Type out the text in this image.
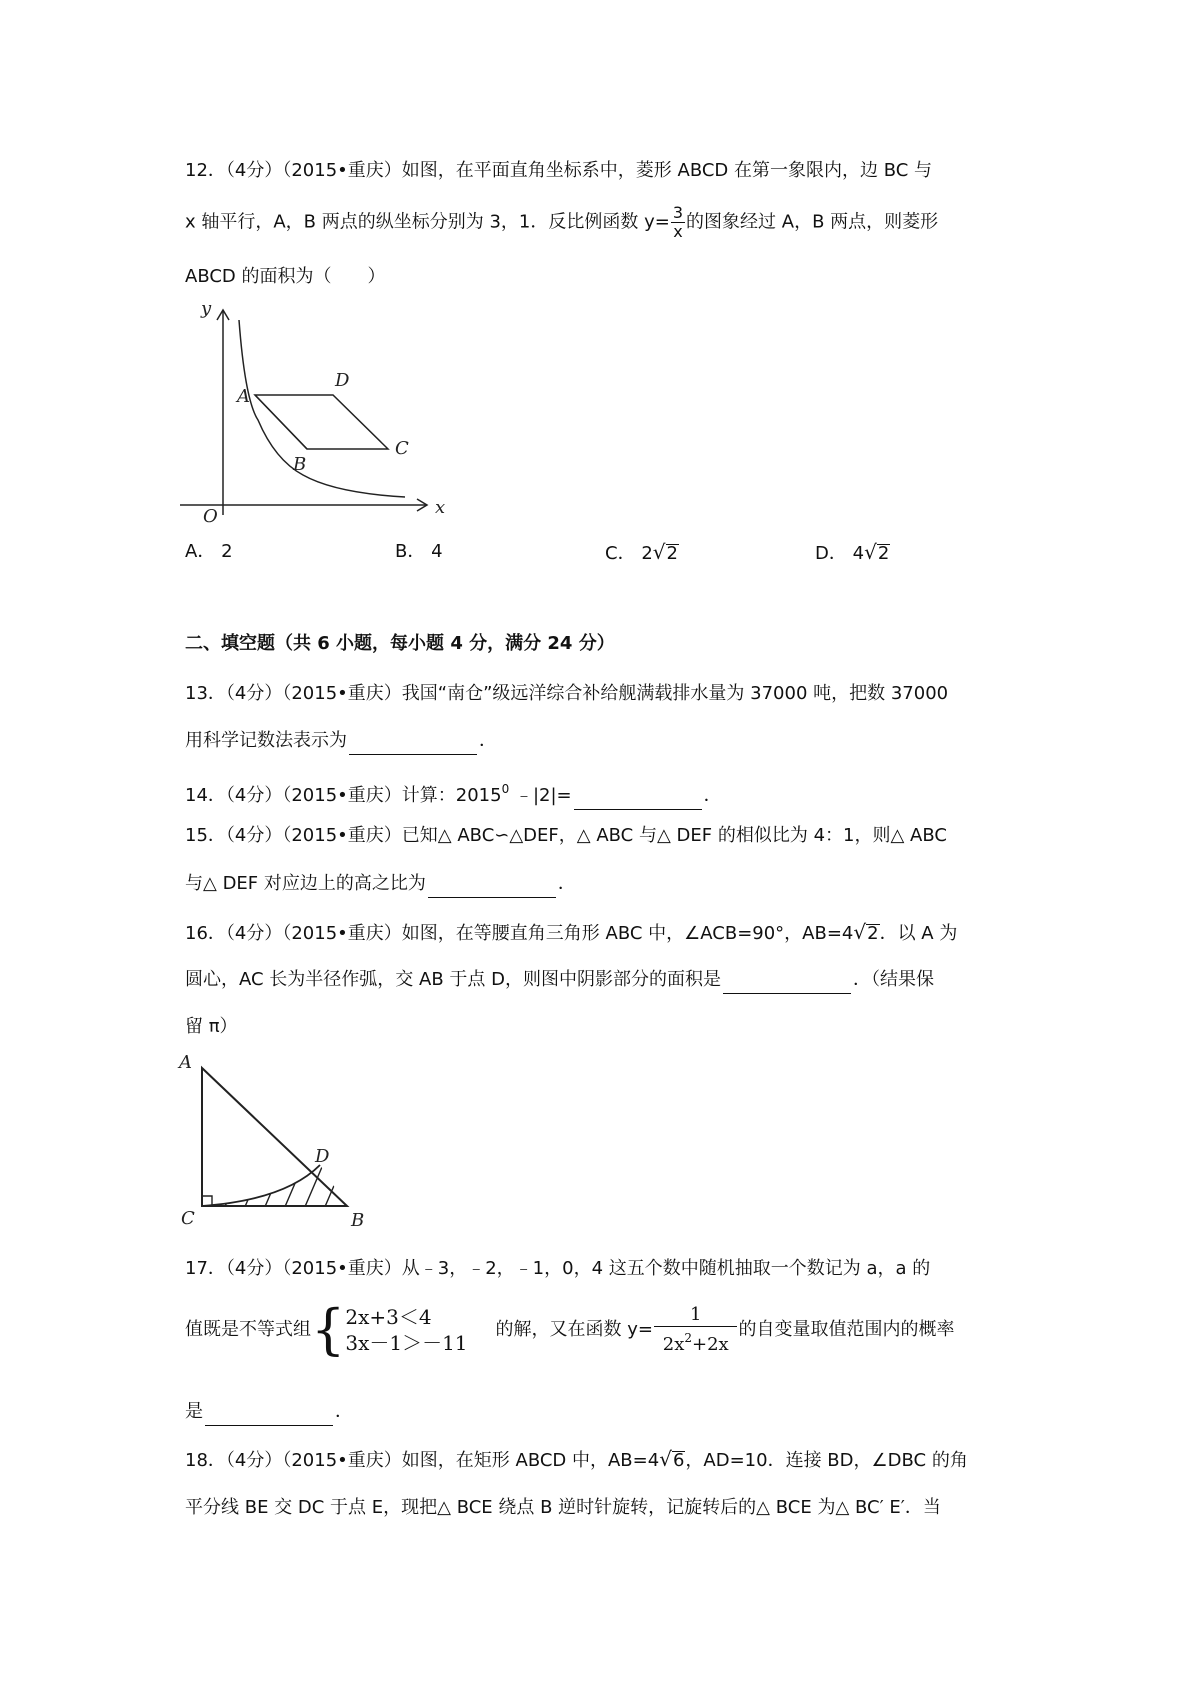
12．（4分）（2015•重庆）如图，在平面直角坐标系中，菱形 ABCD 在第一象限内，边 BC 与
x 轴平行，A，B 两点的纵坐标分别为 3，1．反比例函数 $y= \frac{3}{x}$ 的图象经过 A，B 两点，则菱形
ABCD 的面积为（　　）
y
x
O
A
B
C
D
A． 2	B． 4	C． 2√2	D． 4√2
二、填空题（共 6 小题，每小题 4 分，满分 24 分）
13．（4分）（2015•重庆）我国“南仓”级远洋综合补给舰满载排水量为 37000 吨，把数 37000
用科学记数法表示为	．
14．（4分）（2015•重庆）计算：2015$^0$ ﹣|2|=	．
15．（4分）（2015•重庆）已知△ ABC∽△DEF，△ ABC 与△ DEF 的相似比为 4：1，则△ ABC
与△ DEF 对应边上的高之比为	．
16．（4分）（2015•重庆）如图，在等腰直角三角形 ABC 中，∠ACB=90°，AB=4√2．以 A 为
圆心，AC 长为半径作弧，交 AB 于点 D，则图中阴影部分的面积是	．（结果保
留 π）
A
C	B
D
17．（4分）（2015•重庆）从﹣3，﹣2，﹣1，0，4 这五个数中随机抽取一个数记为 a，a 的
值既是不等式组{ 2x+3＜4
3x－1＞－11
的解，又在函数 $y= \frac{1}{2x^2+2x}$ 的自变量取值范围内的概率
是	．
18．（4分）（2015•重庆）如图，在矩形 ABCD 中，AB=4√6，AD=10．连接 BD，∠DBC 的角
平分线 BE 交 DC 于点 E，现把△ BCE 绕点 B 逆时针旋转，记旋转后的△ BCE 为△ BC′ E′．当
